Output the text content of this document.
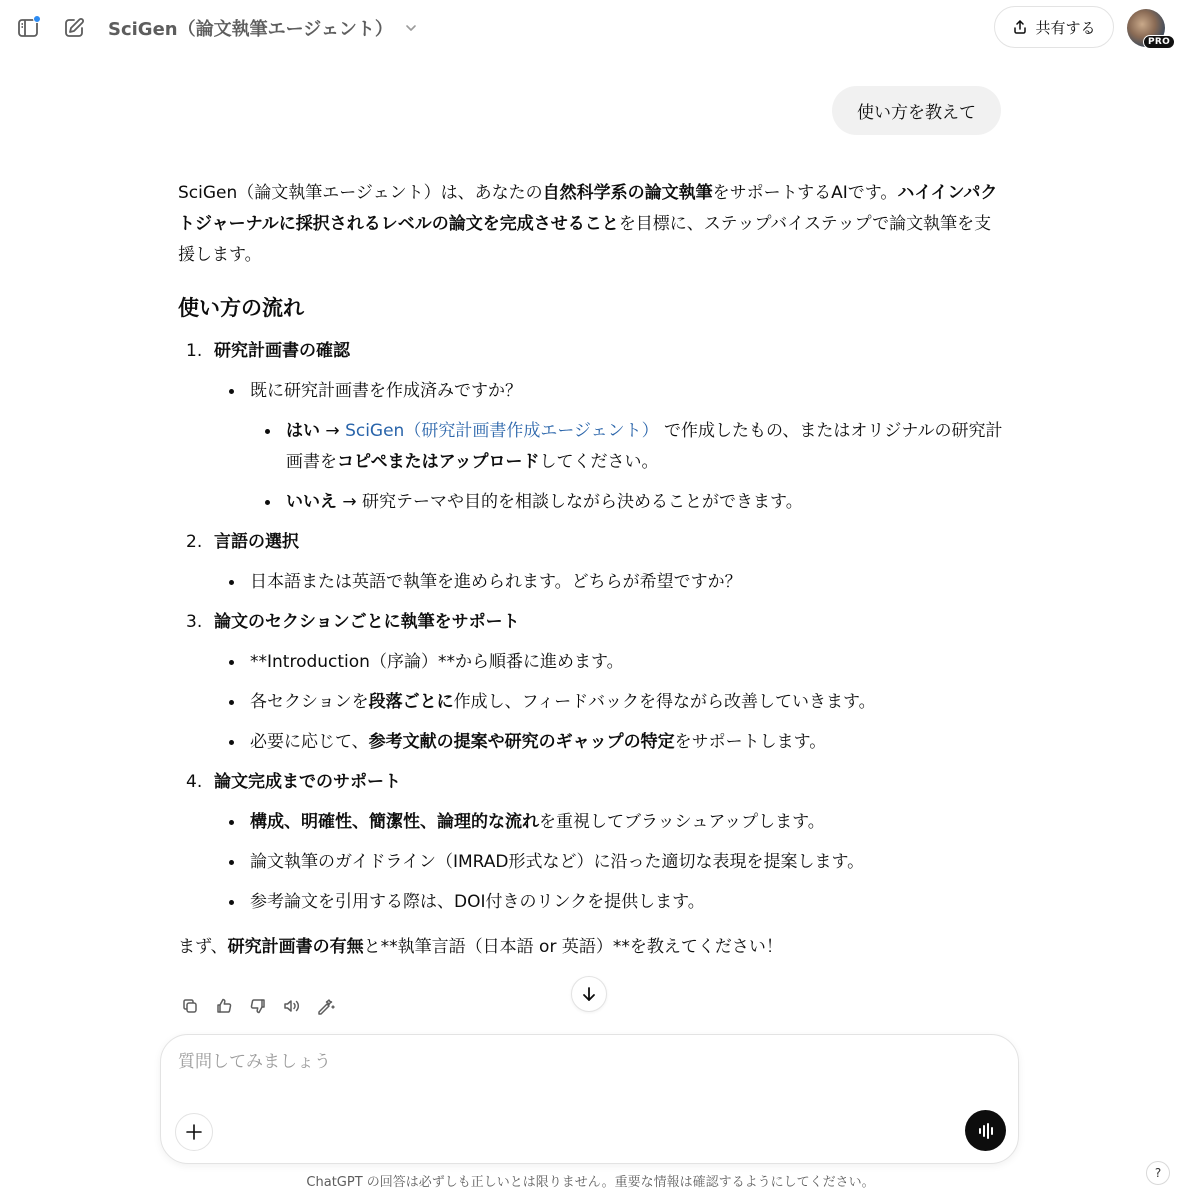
SciGen（論文執筆エージェント）	共有する
PRO
使い方を教えて

SciGen（論文執筆エージェント）は、あなたの自然科学系の論文執筆をサポートするAIです。ハイインパクトジャーナルに採択されるレベルの論文を完成させることを目標に、ステップバイステップで論文執筆を支援します。

使い方の流れ
1. 研究計画書の確認
既に研究計画書を作成済みですか？
はい → SciGen（研究計画書作成エージェント） で作成したもの、またはオリジナルの研究計画書をコピペまたはアップロードしてください。
いいえ → 研究テーマや目的を相談しながら決めることができます。
2. 言語の選択
日本語または英語で執筆を進められます。どちらが希望ですか？
3. 論文のセクションごとに執筆をサポート
**Introduction（序論）**から順番に進めます。
各セクションを段落ごとに作成し、フィードバックを得ながら改善していきます。
必要に応じて、参考文献の提案や研究のギャップの特定をサポートします。
4. 論文完成までのサポート
構成、明確性、簡潔性、論理的な流れを重視してブラッシュアップします。
論文執筆のガイドライン（IMRAD形式など）に沿った適切な表現を提案します。
参考論文を引用する際は、DOI付きのリンクを提供します。

まず、研究計画書の有無と**執筆言語（日本語 or 英語）**を教えてください！

質問してみましょう
ChatGPT の回答は必ずしも正しいとは限りません。重要な情報は確認するようにしてください。
?
